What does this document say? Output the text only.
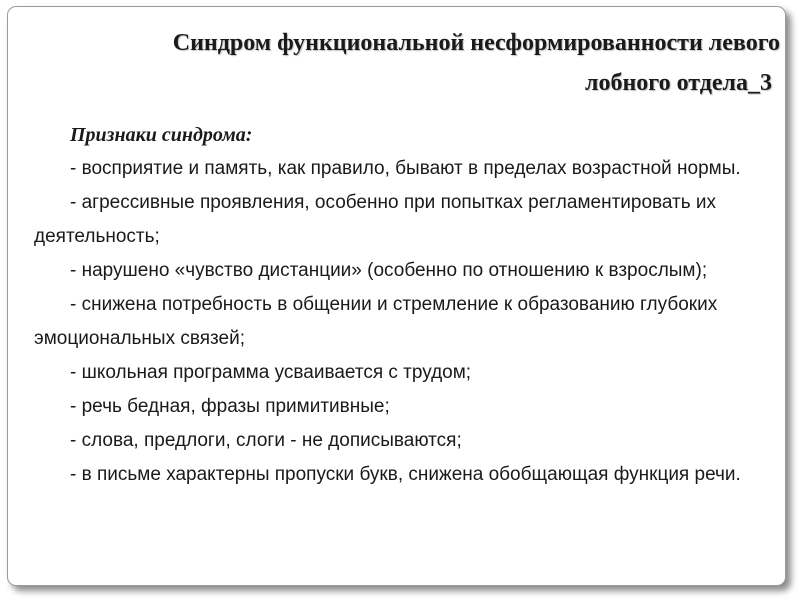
Синдром функциональной несформированности левого
лобного отдела_3
Признаки синдрома:
- восприятие и память, как правило, бывают в пределах возрастной нормы.
- агрессивные проявления, особенно при попытках регламентировать их деятельность;
- нарушено «чувство дистанции» (особенно по отношению к взрослым);
- снижена потребность в общении и стремление к образованию глубоких эмоциональных связей;
- школьная программа усваивается с трудом;
- речь бедная, фразы примитивные;
- слова, предлоги, слоги - не дописываются;
- в письме характерны пропуски букв, снижена обобщающая функция речи.
